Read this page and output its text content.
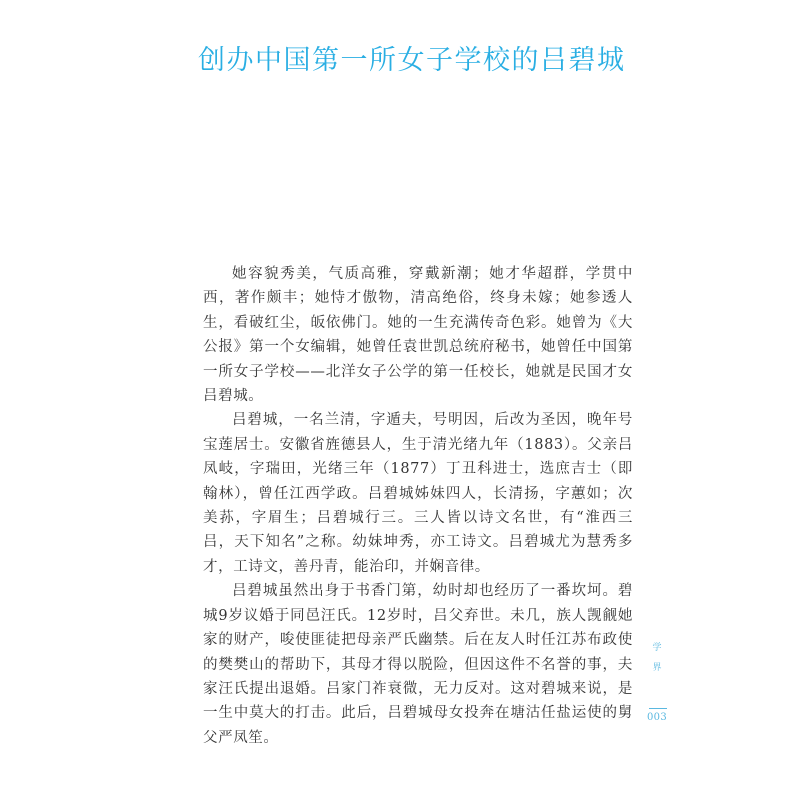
创办中国第一所女子学校的吕碧城

她容貌秀美，气质高雅，穿戴新潮；她才华超群，学贯中西，著作颇丰；她恃才傲物，清高绝俗，终身未嫁；她参透人生，看破红尘，皈依佛门。她的一生充满传奇色彩。她曾为《大公报》第一个女编辑，她曾任袁世凯总统府秘书，她曾任中国第一所女子学校——北洋女子公学的第一任校长，她就是民国才女吕碧城。

吕碧城，一名兰清，字遁夫，号明因，后改为圣因，晚年号宝莲居士。安徽省旌德县人，生于清光绪九年（1883）。父亲吕凤岐，字瑞田，光绪三年（1877）丁丑科进士，选庶吉士（即翰林），曾任江西学政。吕碧城姊妹四人，长清扬，字蕙如；次美荪，字眉生；吕碧城行三。三人皆以诗文名世，有“淮西三吕，天下知名”之称。幼妹坤秀，亦工诗文。吕碧城尤为慧秀多才，工诗文，善丹青，能治印，并娴音律。

吕碧城虽然出身于书香门第，幼时却也经历了一番坎坷。碧城9岁议婚于同邑汪氏。12岁时，吕父弃世。未几，族人觊觎她家的财产，唆使匪徒把母亲严氏幽禁。后在友人时任江苏布政使的樊樊山的帮助下，其母才得以脱险，但因这件不名誉的事，夫家汪氏提出退婚。吕家门祚衰微，无力反对。这对碧城来说，是一生中莫大的打击。此后，吕碧城母女投奔在塘沽任盐运使的舅父严凤笙。

学界
003
